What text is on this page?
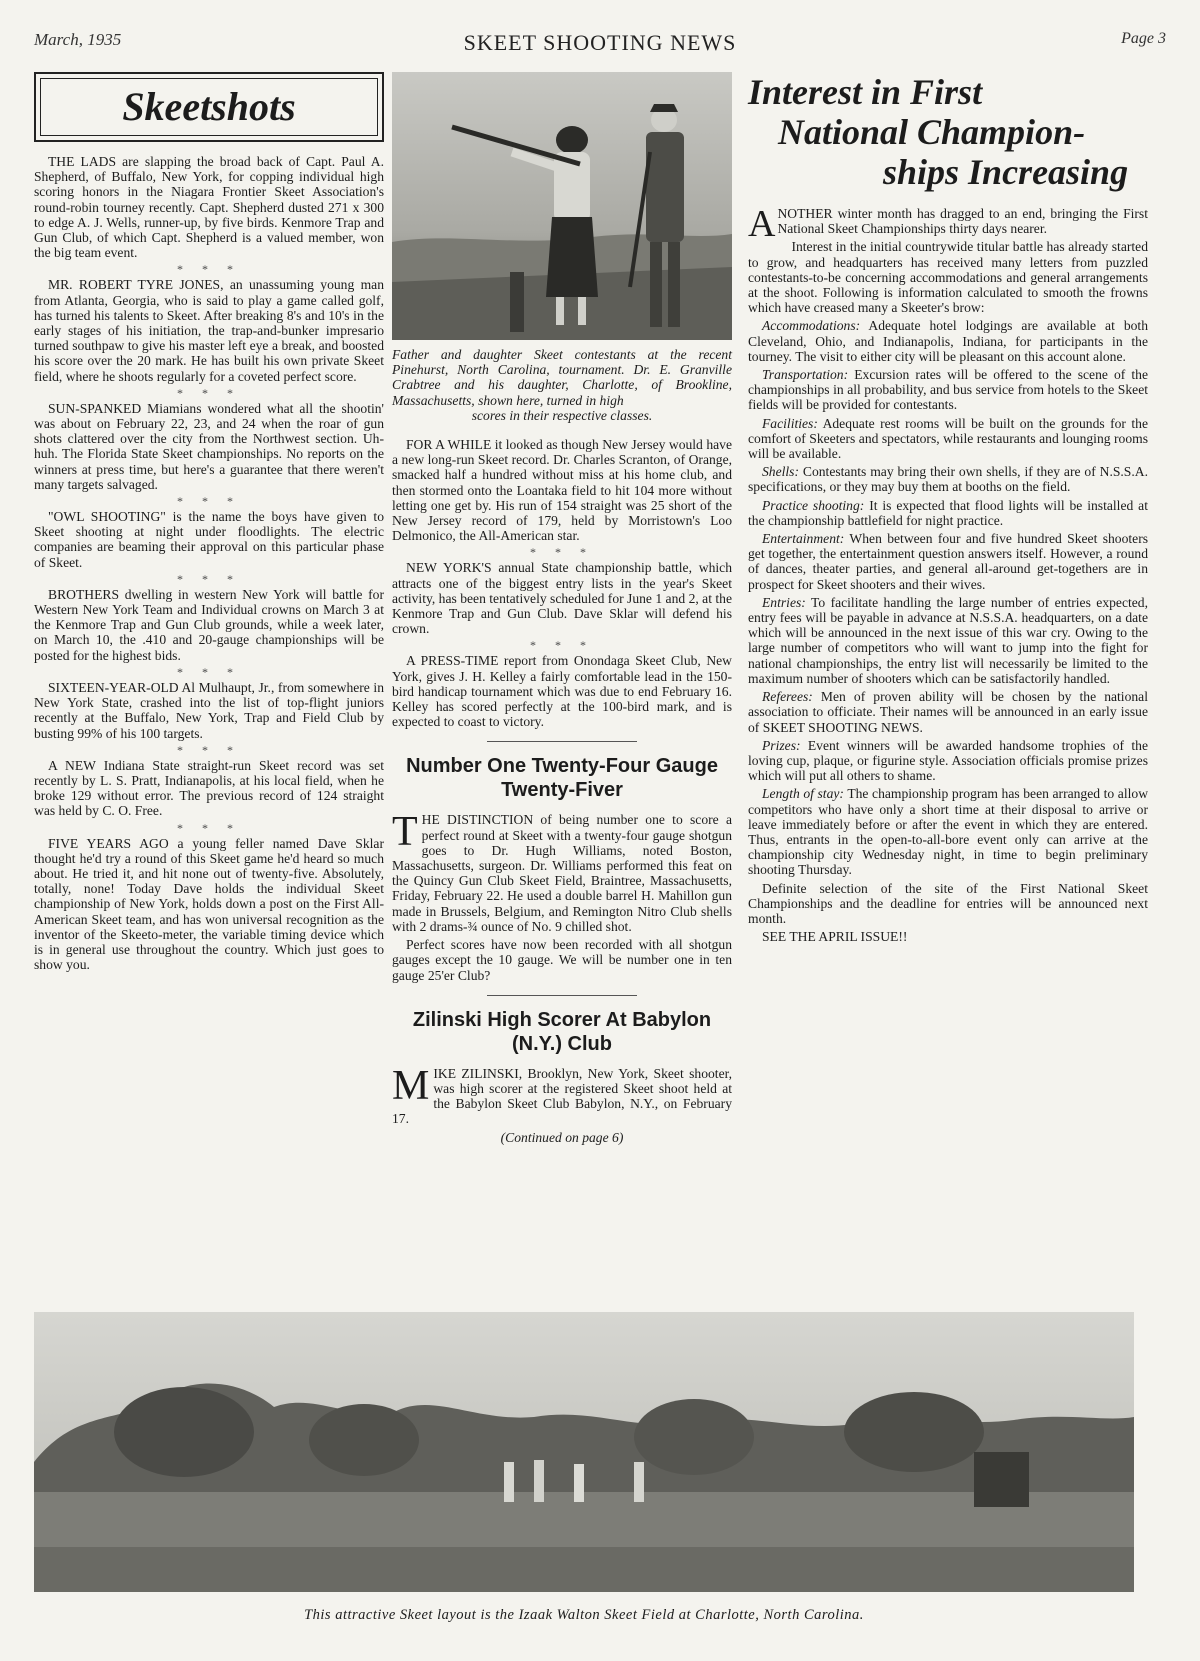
March, 1935	SKEET SHOOTING NEWS	Page 3
Skeetshots

THE LADS are slapping the broad back of Capt. Paul A. Shepherd, of Buffalo, New York, for copping individual high scoring honors in the Niagara Frontier Skeet Association's round-robin tourney recently. Capt. Shepherd dusted 271 x 300 to edge A. J. Wells, runner-up, by five birds. Kenmore Trap and Gun Club, of which Capt. Shepherd is a valued member, won the big team event.

* * *

MR. ROBERT TYRE JONES, an unassuming young man from Atlanta, Georgia, who is said to play a game called golf, has turned his talents to Skeet. After breaking 8's and 10's in the early stages of his initiation, the trap-and-bunker impresario turned southpaw to give his master left eye a break, and boosted his score over the 20 mark. He has built his own private Skeet field, where he shoots regularly for a coveted perfect score.

* * *

SUN-SPANKED Miamians wondered what all the shootin' was about on February 22, 23, and 24 when the roar of gun shots clattered over the city from the Northwest section. Uh-huh. The Florida State Skeet championships. No reports on the winners at press time, but here's a guarantee that there weren't many targets salvaged.

* * *

"OWL SHOOTING" is the name the boys have given to Skeet shooting at night under floodlights. The electric companies are beaming their approval on this particular phase of Skeet.

* * *

BROTHERS dwelling in western New York will battle for Western New York Team and Individual crowns on March 3 at the Kenmore Trap and Gun Club grounds, while a week later, on March 10, the .410 and 20-gauge championships will be posted for the highest bids.

* * *

SIXTEEN-YEAR-OLD Al Mulhaupt, Jr., from somewhere in New York State, crashed into the list of top-flight juniors recently at the Buffalo, New York, Trap and Field Club by busting 99% of his 100 targets.

* * *

A NEW Indiana State straight-run Skeet record was set recently by L. S. Pratt, Indianapolis, at his local field, when he broke 129 without error. The previous record of 124 straight was held by C. O. Free.

* * *

FIVE YEARS AGO a young feller named Dave Sklar thought he'd try a round of this Skeet game he'd heard so much about. He tried it, and hit none out of twenty-five. Absolutely, totally, none! Today Dave holds the individual Skeet championship of New York, holds down a post on the First All-American Skeet team, and has won universal recognition as the inventor of the Skeeto-meter, the variable timing device which is in general use throughout the country. Which just goes to show you.

Father and daughter Skeet contestants at the recent Pinehurst, North Carolina, tournament. Dr. E. Granville Crabtree and his daughter, Charlotte, of Brookline, Massachusetts, shown here, turned in high
scores in their respective classes.

FOR A WHILE it looked as though New Jersey would have a new long-run Skeet record. Dr. Charles Scranton, of Orange, smacked half a hundred without miss at his home club, and then stormed onto the Loantaka field to hit 104 more without letting one get by. His run of 154 straight was 25 short of the New Jersey record of 179, held by Morristown's Loo Delmonico, the All-American star.

* * *

NEW YORK'S annual State championship battle, which attracts one of the biggest entry lists in the year's Skeet activity, has been tentatively scheduled for June 1 and 2, at the Kenmore Trap and Gun Club. Dave Sklar will defend his crown.

* * *

A PRESS-TIME report from Onondaga Skeet Club, New York, gives J. H. Kelley a fairly comfortable lead in the 150-bird handicap tournament which was due to end February 16. Kelley has scored perfectly at the 100-bird mark, and is expected to coast to victory.

Number One Twenty-Four Gauge Twenty-Fiver

THE DISTINCTION of being number one to score a perfect round at Skeet with a twenty-four gauge shotgun goes to Dr. Hugh Williams, noted Boston, Massachusetts, surgeon. Dr. Williams performed this feat on the Quincy Gun Club Skeet Field, Braintree, Massachusetts, Friday, February 22. He used a double barrel H. Mahillon gun made in Brussels, Belgium, and Remington Nitro Club shells with 2 drams-¾ ounce of No. 9 chilled shot.

Perfect scores have now been recorded with all shotgun gauges except the 10 gauge. We will be number one in ten gauge 25'er Club?

Zilinski High Scorer At Babylon (N.Y.) Club

MIKE ZILINSKI, Brooklyn, New York, Skeet shooter, was high scorer at the registered Skeet shoot held at the Babylon Skeet Club Babylon, N.Y., on February 17.

(Continued on page 6)
Interest in First
National Champion-
ships Increasing

ANOTHER winter month has dragged to an end, bringing the First National Skeet Championships thirty days nearer.

Interest in the initial countrywide titular battle has already started to grow, and headquarters has received many letters from puzzled contestants-to-be concerning accommodations and general arrangements at the shoot. Following is information calculated to smooth the frowns which have creased many a Skeeter's brow:

Accommodations: Adequate hotel lodgings are available at both Cleveland, Ohio, and Indianapolis, Indiana, for participants in the tourney. The visit to either city will be pleasant on this account alone.

Transportation: Excursion rates will be offered to the scene of the championships in all probability, and bus service from hotels to the Skeet fields will be provided for contestants.

Facilities: Adequate rest rooms will be built on the grounds for the comfort of Skeeters and spectators, while restaurants and lounging rooms will be available.

Shells: Contestants may bring their own shells, if they are of N.S.S.A. specifications, or they may buy them at booths on the field.

Practice shooting: It is expected that flood lights will be installed at the championship battlefield for night practice.

Entertainment: When between four and five hundred Skeet shooters get together, the entertainment question answers itself. However, a round of dances, theater parties, and general all-around get-togethers are in prospect for Skeet shooters and their wives.

Entries: To facilitate handling the large number of entries expected, entry fees will be payable in advance at N.S.S.A. headquarters, on a date which will be announced in the next issue of this war cry. Owing to the large number of competitors who will want to jump into the fight for national championships, the entry list will necessarily be limited to the maximum number of shooters which can be satisfactorily handled.

Referees: Men of proven ability will be chosen by the national association to officiate. Their names will be announced in an early issue of SKEET SHOOTING NEWS.

Prizes: Event winners will be awarded handsome trophies of the loving cup, plaque, or figurine style. Association officials promise prizes which will put all others to shame.

Length of stay: The championship program has been arranged to allow competitors who have only a short time at their disposal to arrive or leave immediately before or after the event in which they are entered. Thus, entrants in the open-to-all-bore event only can arrive at the championship city Wednesday night, in time to begin preliminary shooting Thursday.

Definite selection of the site of the First National Skeet Championships and the deadline for entries will be announced next month.

SEE THE APRIL ISSUE!!

This attractive Skeet layout is the Izaak Walton Skeet Field at Charlotte, North Carolina.
